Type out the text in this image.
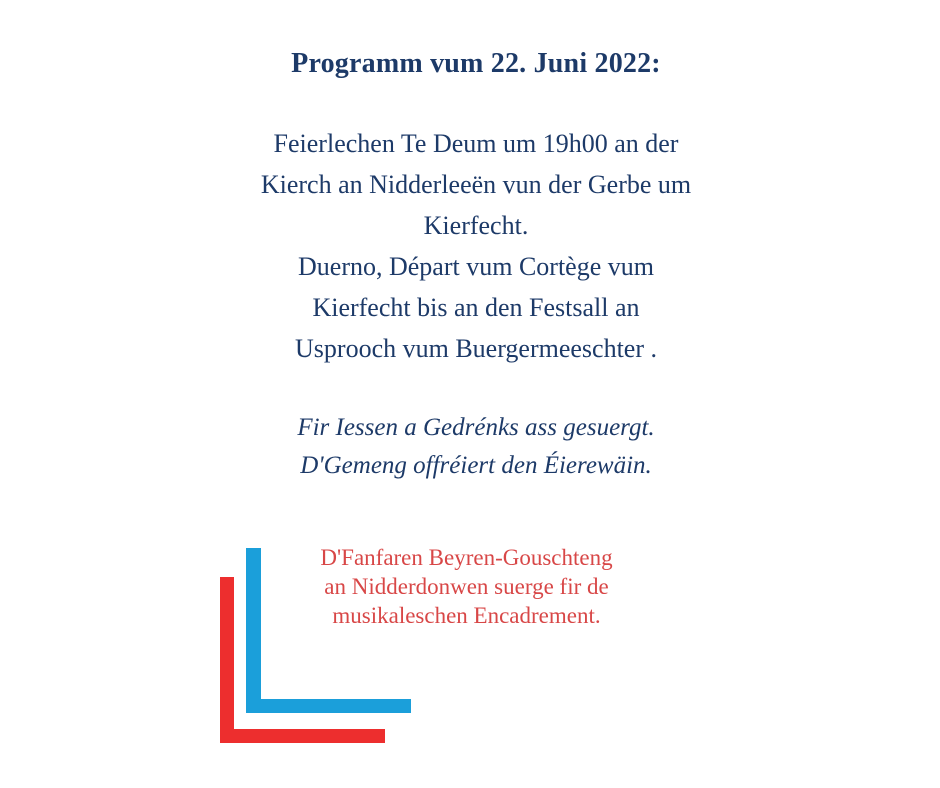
Programm vum 22. Juni 2022:
Feierlechen Te Deum um 19h00 an der
Kierch an Nidderleeën vun der Gerbe um
Kierfecht.
Duerno, Départ vum Cortège vum
Kierfecht bis an den Festsall an
Usprooch vum Buergermeeschter .
Fir Iessen a Gedrénks ass gesuergt.
D'Gemeng offréiert den Éierewäin.
D'Fanfaren Beyren-Gouschteng
an Nidderdonwen suerge fir de
musikaleschen Encadrement.
